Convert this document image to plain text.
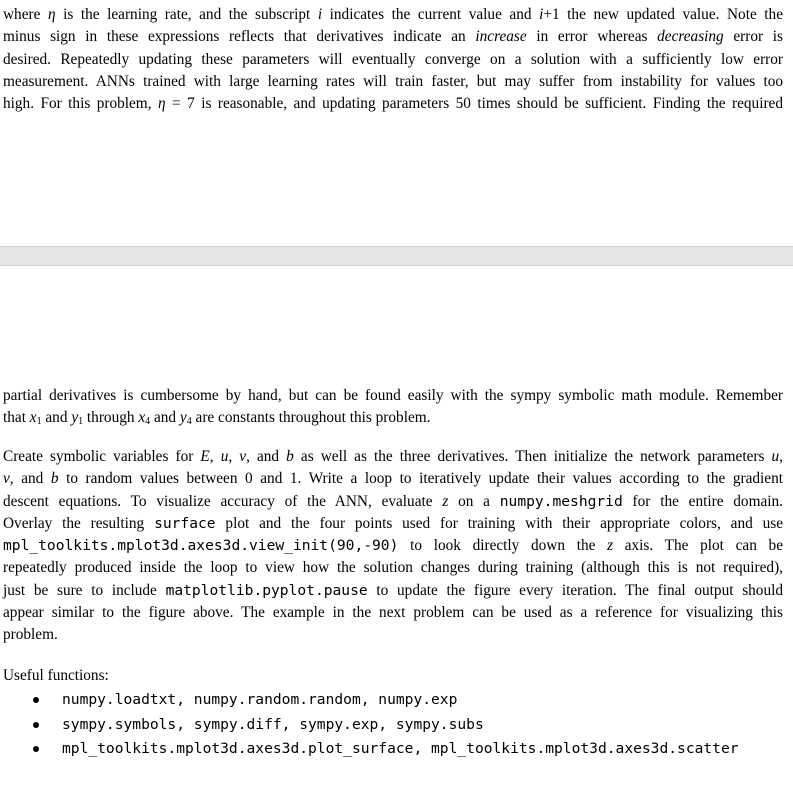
where η is the learning rate, and the subscript i indicates the current value and i+1 the new updated value. Note the
minus sign in these expressions reflects that derivatives indicate an increase in error whereas decreasing error is
desired. Repeatedly updating these parameters will eventually converge on a solution with a sufficiently low error
measurement. ANNs trained with large learning rates will train faster, but may suffer from instability for values too
high. For this problem, η = 7 is reasonable, and updating parameters 50 times should be sufficient. Finding the required
partial derivatives is cumbersome by hand, but can be found easily with the sympy symbolic math module. Remember
that $x_1$ and $y_1$ through $x_4$ and $y_4$ are constants throughout this problem.
Create symbolic variables for E, u, v, and b as well as the three derivatives. Then initialize the network parameters u,
v, and b to random values between 0 and 1. Write a loop to iteratively update their values according to the gradient
descent equations. To visualize accuracy of the ANN, evaluate z on a numpy.meshgrid for the entire domain.
Overlay the resulting surface plot and the four points used for training with their appropriate colors, and use
mpl_toolkits.mplot3d.axes3d.view_init(90,-90) to look directly down the z axis. The plot can be
repeatedly produced inside the loop to view how the solution changes during training (although this is not required),
just be sure to include matplotlib.pyplot.pause to update the figure every iteration. The final output should
appear similar to the figure above. The example in the next problem can be used as a reference for visualizing this
problem.

Useful functions:

numpy.loadtxt, numpy.random.random, numpy.exp
sympy.symbols, sympy.diff, sympy.exp, sympy.subs
mpl_toolkits.mplot3d.axes3d.plot_surface, mpl_toolkits.mplot3d.axes3d.scatter
